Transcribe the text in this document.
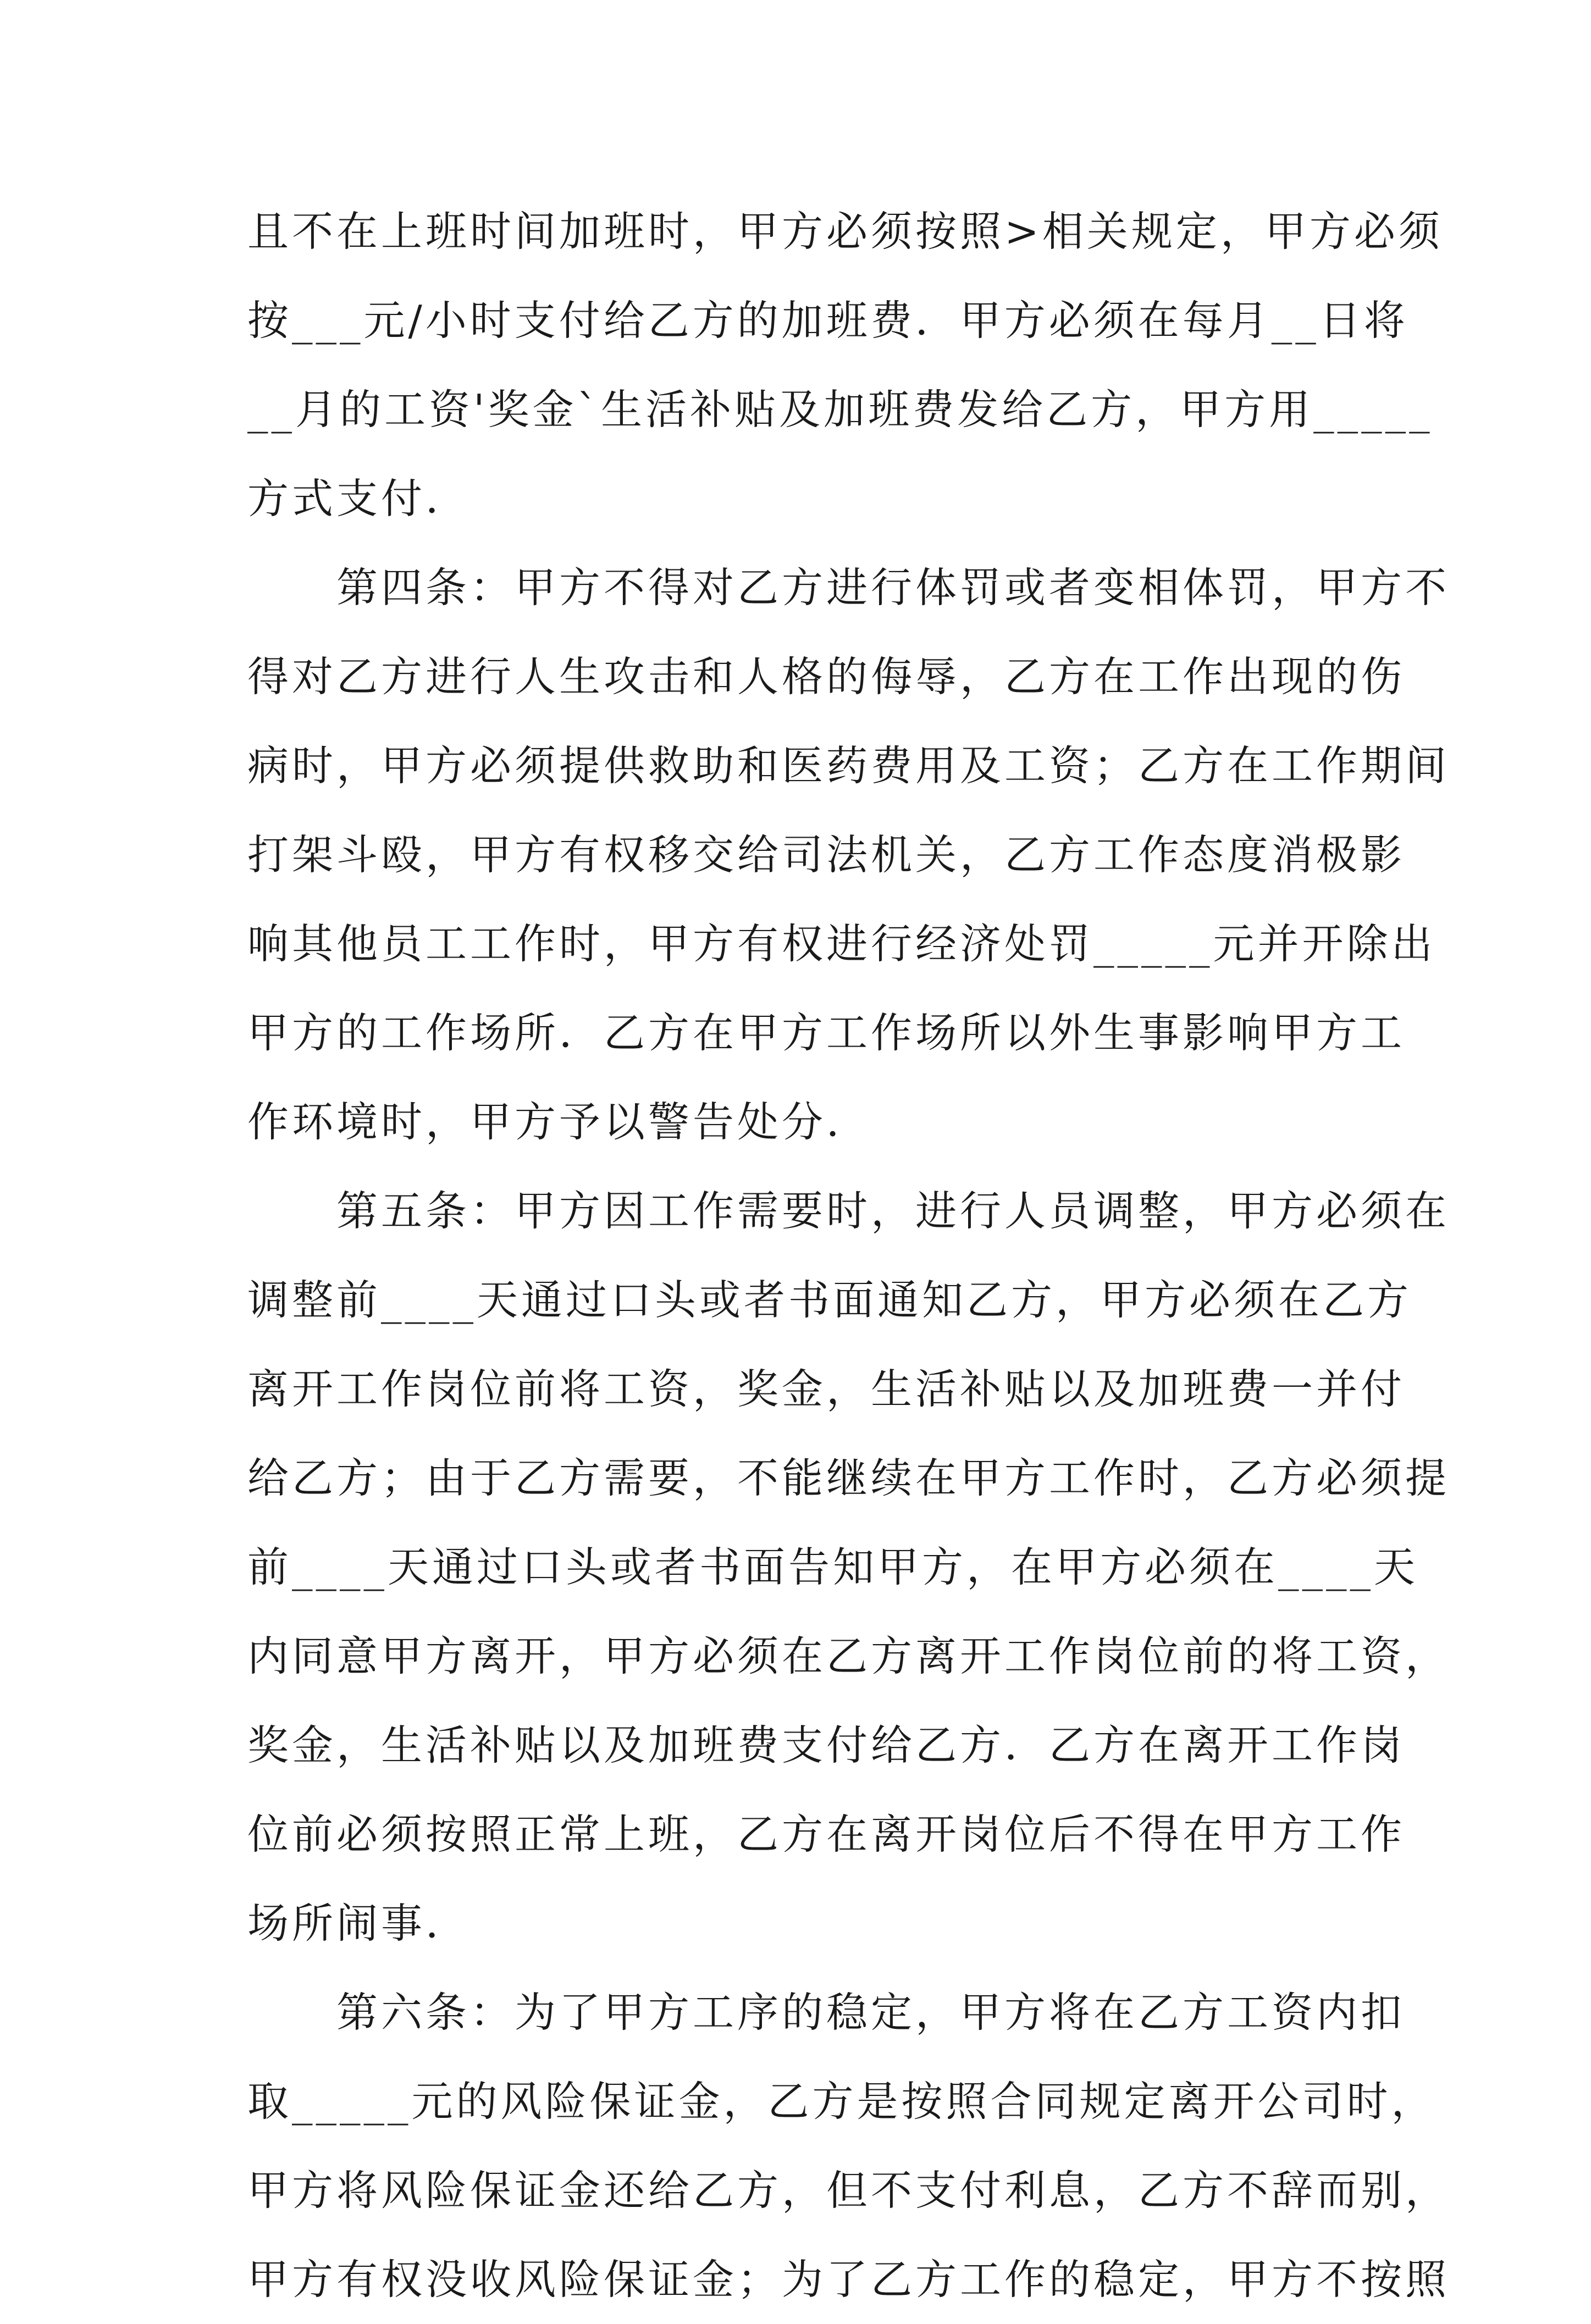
且不在上班时间加班时，甲方必须按照>相关规定，甲方必须
按___元/小时支付给乙方的加班费．甲方必须在每月__日将
__月的工资'奖金`生活补贴及加班费发给乙方，甲方用_____
方式支付．
　　第四条：甲方不得对乙方进行体罚或者变相体罚，甲方不
得对乙方进行人生攻击和人格的侮辱，乙方在工作出现的伤
病时，甲方必须提供救助和医药费用及工资；乙方在工作期间
打架斗殴，甲方有权移交给司法机关，乙方工作态度消极影
响其他员工工作时，甲方有权进行经济处罚_____元并开除出
甲方的工作场所．乙方在甲方工作场所以外生事影响甲方工
作环境时，甲方予以警告处分．
　　第五条：甲方因工作需要时，进行人员调整，甲方必须在
调整前____天通过口头或者书面通知乙方，甲方必须在乙方
离开工作岗位前将工资，奖金，生活补贴以及加班费一并付
给乙方；由于乙方需要，不能继续在甲方工作时，乙方必须提
前____天通过口头或者书面告知甲方，在甲方必须在____天
内同意甲方离开，甲方必须在乙方离开工作岗位前的将工资，
奖金，生活补贴以及加班费支付给乙方．乙方在离开工作岗
位前必须按照正常上班，乙方在离开岗位后不得在甲方工作
场所闹事．
　　第六条：为了甲方工序的稳定，甲方将在乙方工资内扣
取_____元的风险保证金，乙方是按照合同规定离开公司时，
甲方将风险保证金还给乙方，但不支付利息，乙方不辞而别，
甲方有权没收风险保证金；为了乙方工作的稳定，甲方不按照
